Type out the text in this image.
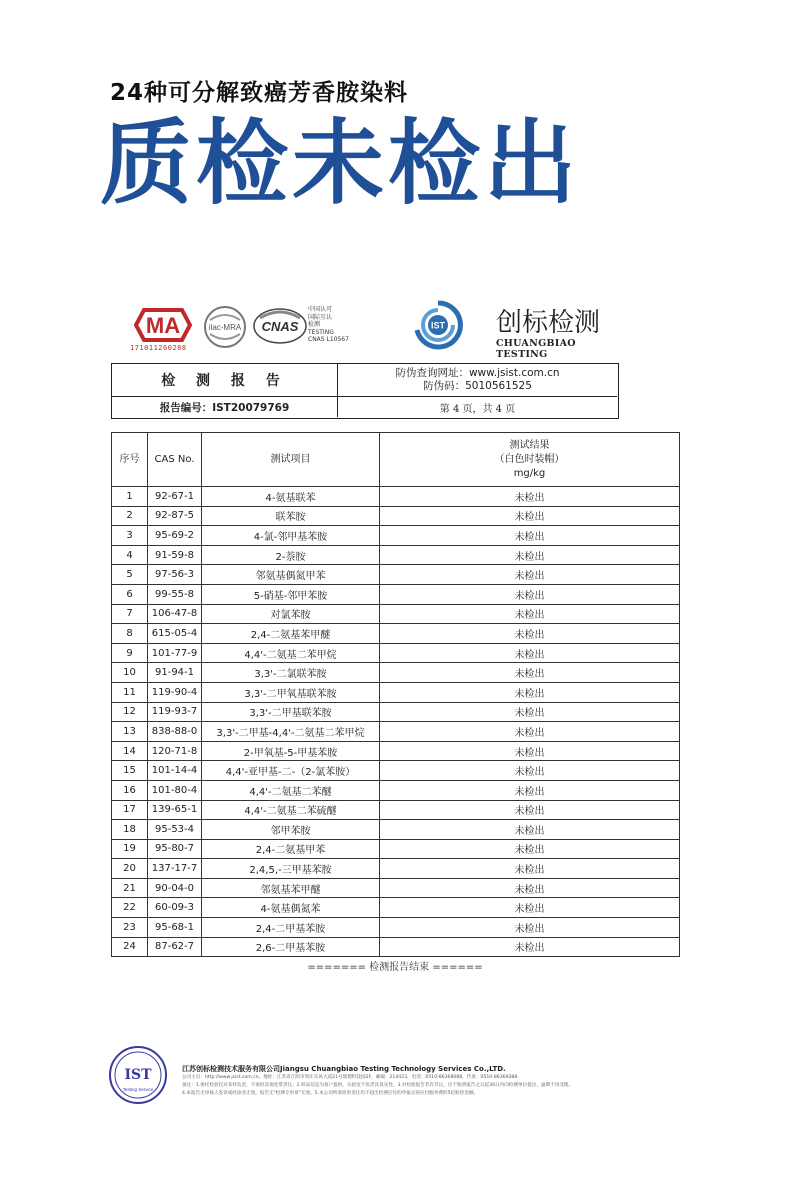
24种可分解致癌芳香胺染料
质检未检出
MA
171011260288
ilac-MRA CNAS
中国认可
国际互认
检测
TESTING
CNAS L10567
IST 创标检测
CHUANGBIAO TESTING
检 测 报 告	防伪查询网址：www.jsist.com.cn
防伪码：5010561525
报告编号：IST20079769	第 4 页，共 4 页
序号	CAS No.	测试项目	测试结果
（白色时装帽）
mg/kg

1	92-67-1	4-氨基联苯	未检出
2	92-87-5	联苯胺	未检出
3	95-69-2	4-氯-邻甲基苯胺	未检出
4	91-59-8	2-萘胺	未检出
5	97-56-3	邻氨基偶氮甲苯	未检出
6	99-55-8	5-硝基-邻甲苯胺	未检出
7	106-47-8	对氯苯胺	未检出
8	615-05-4	2,4-二氨基苯甲醚	未检出
9	101-77-9	4,4'-二氨基二苯甲烷	未检出
10	91-94-1	3,3'-二氯联苯胺	未检出
11	119-90-4	3,3'-二甲氧基联苯胺	未检出
12	119-93-7	3,3'-二甲基联苯胺	未检出
13	838-88-0	3,3'-二甲基-4,4'-二氨基二苯甲烷	未检出
14	120-71-8	2-甲氧基-5-甲基苯胺	未检出
15	101-14-4	4,4'-亚甲基-二-（2-氯苯胺）	未检出
16	101-80-4	4,4'-二氨基二苯醚	未检出
17	139-65-1	4,4'-二氨基二苯硫醚	未检出
18	95-53-4	邻甲苯胺	未检出
19	95-80-7	2,4-二氨基甲苯	未检出
20	137-17-7	2,4,5,-三甲基苯胺	未检出
21	90-04-0	邻氨基苯甲醚	未检出
22	60-09-3	4-氨基偶氮苯	未检出
23	95-68-1	2,4-二甲基苯胺	未检出
24	87-62-7	2,6-二甲基苯胺	未检出
======= 检测报告结束 ======
IST
Testing Service
江苏创标检测技术服务有限公司Jiangsu Chuangbiao Testing Technology Services Co.,LTD.
公司主页：http://www.jsist.com.cn。地址：江苏省江阴市周庄东风大道21号瑞德科技园2F，邮编：214423，电话：0510-86368088，传真：0510-86369388
备注：1.委托检验仅对来样负责，不承担其他连带责任。2.样品信息为客户提供，实验室不负责其真实性。3.对检验报告若有异议，应于收到报告之日起30日内向检测单位提出，逾期不再受理。
4.本报告无审核人签章或经涂改无效，报告无"检测专用章"无效。5.本公司所承担的责任均不超出检测应付的申报定的应付服务费的5倍赔偿金额。
